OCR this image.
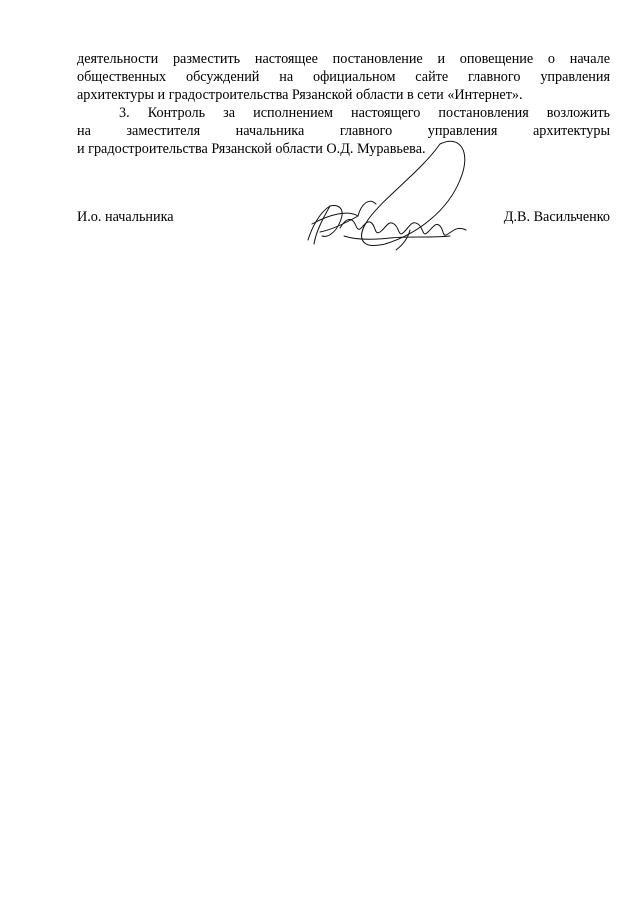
деятельности разместить настоящее постановление и оповещение о начале
общественных обсуждений на официальном сайте главного управления
архитектуры и градостроительства Рязанской области в сети «Интернет».
3. Контроль за исполнением настоящего постановления возложить
на заместителя начальника главного управления архитектуры
и градостроительства Рязанской области О.Д. Муравьева.
И.о. начальника	Д.В. Васильченко
